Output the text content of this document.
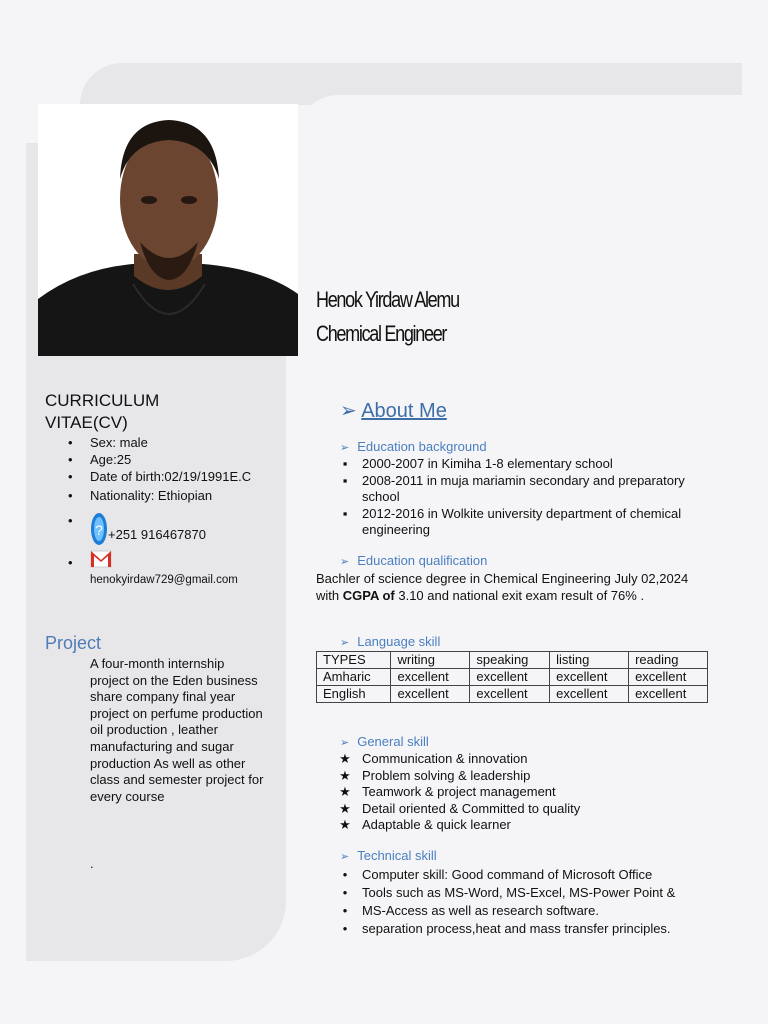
Henok Yirdaw Alemu
Chemical Engineer
CURRICULUM VITAE(CV)
• Sex: male
• Age:25
• Date of birth:02/19/1991E.C
• Nationality: Ethiopian
• ? +251 916467870
• henokyirdaw729@gmail.com
Project
A four-month internship project on the Eden business share company final year project on perfume production oil production , leather manufacturing and sugar production As well as other class and semester project for every course
.
➢ About Me
➢ Education background
▪ 2000-2007 in Kimiha 1-8 elementary school
▪ 2008-2011 in muja mariamin secondary and preparatory school
▪ 2012-2016 in Wolkite university department of chemical engineering
➢ Education qualification
Bachler of science degree in Chemical Engineering July 02,2024 with CGPA of 3.10 and national exit exam result of 76% .
➢ Language skill
TYPES	writing	speaking	listing	reading
Amharic	excellent	excellent	excellent	excellent
English	excellent	excellent	excellent	excellent
➢ General skill
★ Communication & innovation
★ Problem solving & leadership
★ Teamwork & project management
★ Detail oriented & Committed to quality
★ Adaptable & quick learner
➢ Technical skill
• Computer skill: Good command of Microsoft Office
• Tools such as MS-Word, MS-Excel, MS-Power Point &
• MS-Access as well as research software.
• separation process,heat and mass transfer principles.
